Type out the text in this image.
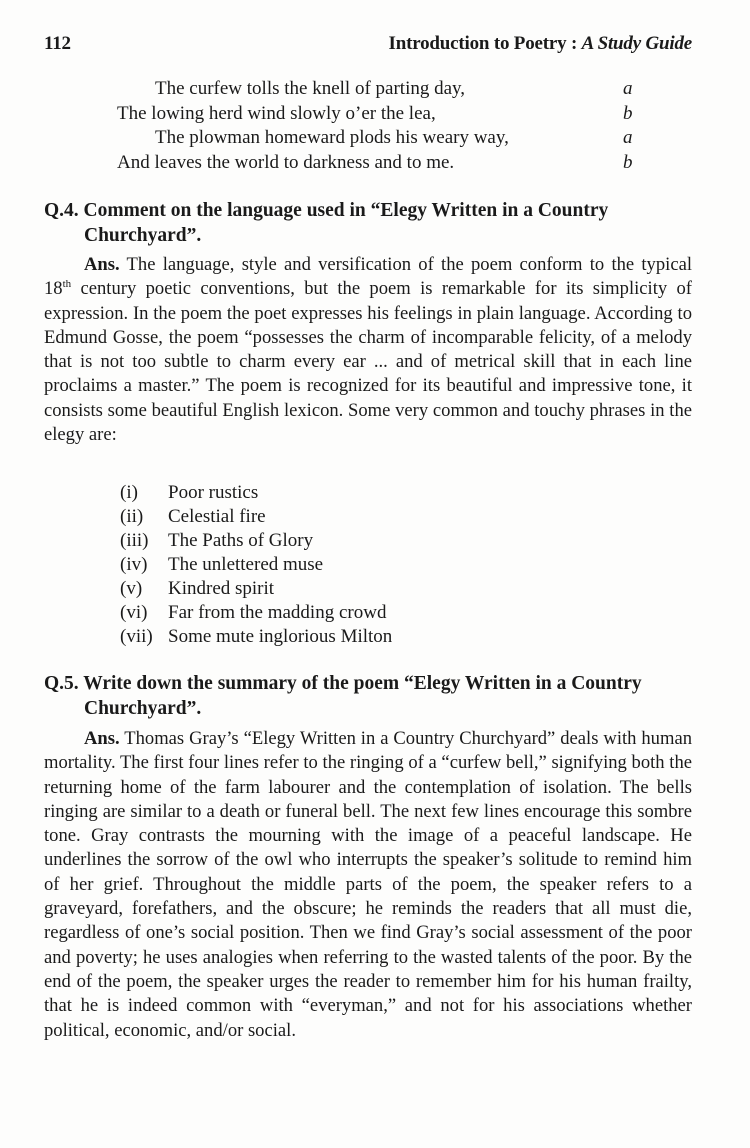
112	Introduction to Poetry : A Study Guide
The curfew tolls the knell of parting day,	a
The lowing herd wind slowly o’er the lea,	b
The plowman homeward plods his weary way,	a
And leaves the world to darkness and to me.	b
Q.4. Comment on the language used in “Elegy Written in a Country Churchyard”.

Ans. The language, style and versification of the poem conform to the typical 18th century poetic conventions, but the poem is remarkable for its simplicity of expression. In the poem the poet expresses his feelings in plain language. According to Edmund Gosse, the poem “possesses the charm of incomparable felicity, of a melody that is not too subtle to charm every ear ... and of metrical skill that in each line proclaims a master.” The poem is recognized for its beautiful and impressive tone, it consists some beautiful English lexicon. Some very common and touchy phrases in the elegy are:

(i) Poor rustics
(ii) Celestial fire
(iii) The Paths of Glory
(iv) The unlettered muse
(v) Kindred spirit
(vi) Far from the madding crowd
(vii) Some mute inglorious Milton
Q.5. Write down the summary of the poem “Elegy Written in a Country Churchyard”.

Ans. Thomas Gray’s “Elegy Written in a Country Churchyard” deals with human mortality. The first four lines refer to the ringing of a “curfew bell,” signifying both the returning home of the farm labourer and the contemplation of isolation. The bells ringing are similar to a death or funeral bell. The next few lines encourage this sombre tone. Gray contrasts the mourning with the image of a peaceful landscape. He underlines the sorrow of the owl who interrupts the speaker’s solitude to remind him of her grief. Throughout the middle parts of the poem, the speaker refers to a graveyard, forefathers, and the obscure; he reminds the readers that all must die, regardless of one’s social position. Then we find Gray’s social assessment of the poor and poverty; he uses analogies when referring to the wasted talents of the poor. By the end of the poem, the speaker urges the reader to remember him for his human frailty, that he is indeed common with “everyman,” and not for his associations whether political, economic, and/or social.
